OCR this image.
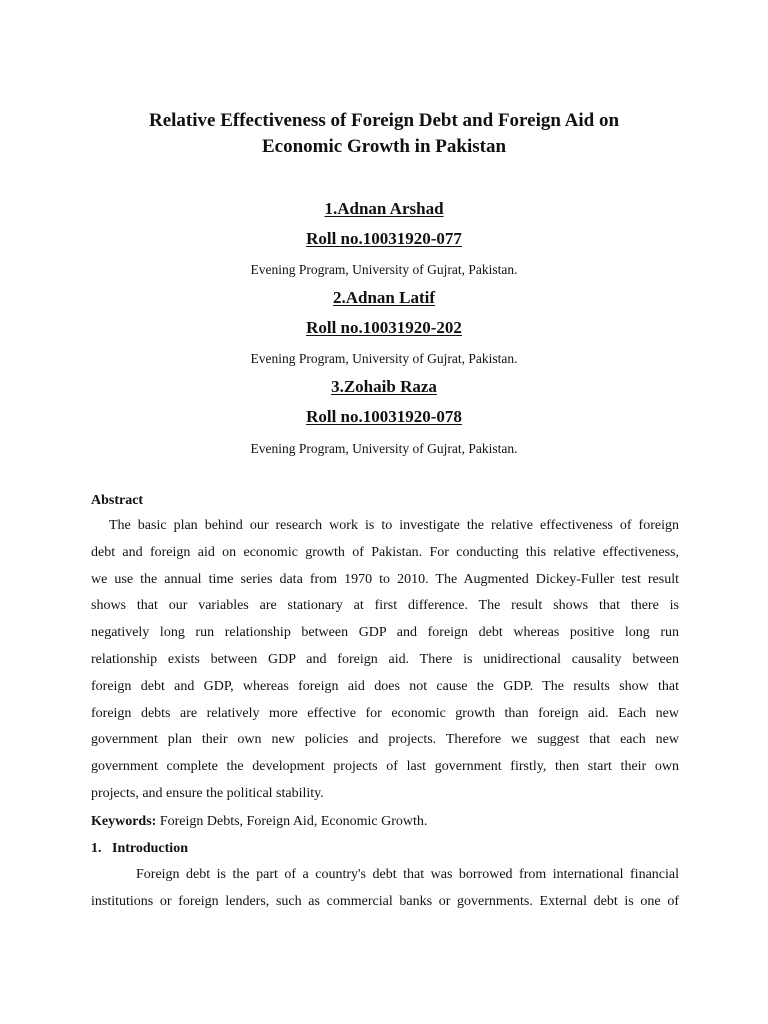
Relative Effectiveness of Foreign Debt and Foreign Aid on
Economic Growth in Pakistan

1.Adnan Arshad

Roll no.10031920-077

Evening Program, University of Gujrat, Pakistan.

2.Adnan Latif

Roll no.10031920-202

Evening Program, University of Gujrat, Pakistan.

3.Zohaib Raza

Roll no.10031920-078

Evening Program, University of Gujrat, Pakistan.

Abstract

The basic plan behind our research work is to investigate the relative effectiveness of foreign
debt and foreign aid on economic growth of Pakistan. For conducting this relative effectiveness,
we use the annual time series data from 1970 to 2010. The Augmented Dickey-Fuller test result
shows that our variables are stationary at first difference. The result shows that there is
negatively long run relationship between GDP and foreign debt whereas positive long run
relationship exists between GDP and foreign aid. There is unidirectional causality between
foreign debt and GDP, whereas foreign aid does not cause the GDP. The results show that
foreign debts are relatively more effective for economic growth than foreign aid. Each new
government plan their own new policies and projects. Therefore we suggest that each new
government complete the development projects of last government firstly, then start their own
projects, and ensure the political stability.

Keywords: Foreign Debts, Foreign Aid, Economic Growth.

1.   Introduction

Foreign debt is the part of a country's debt that was borrowed from international financial
institutions or foreign lenders, such as commercial banks or governments. External debt is one of
